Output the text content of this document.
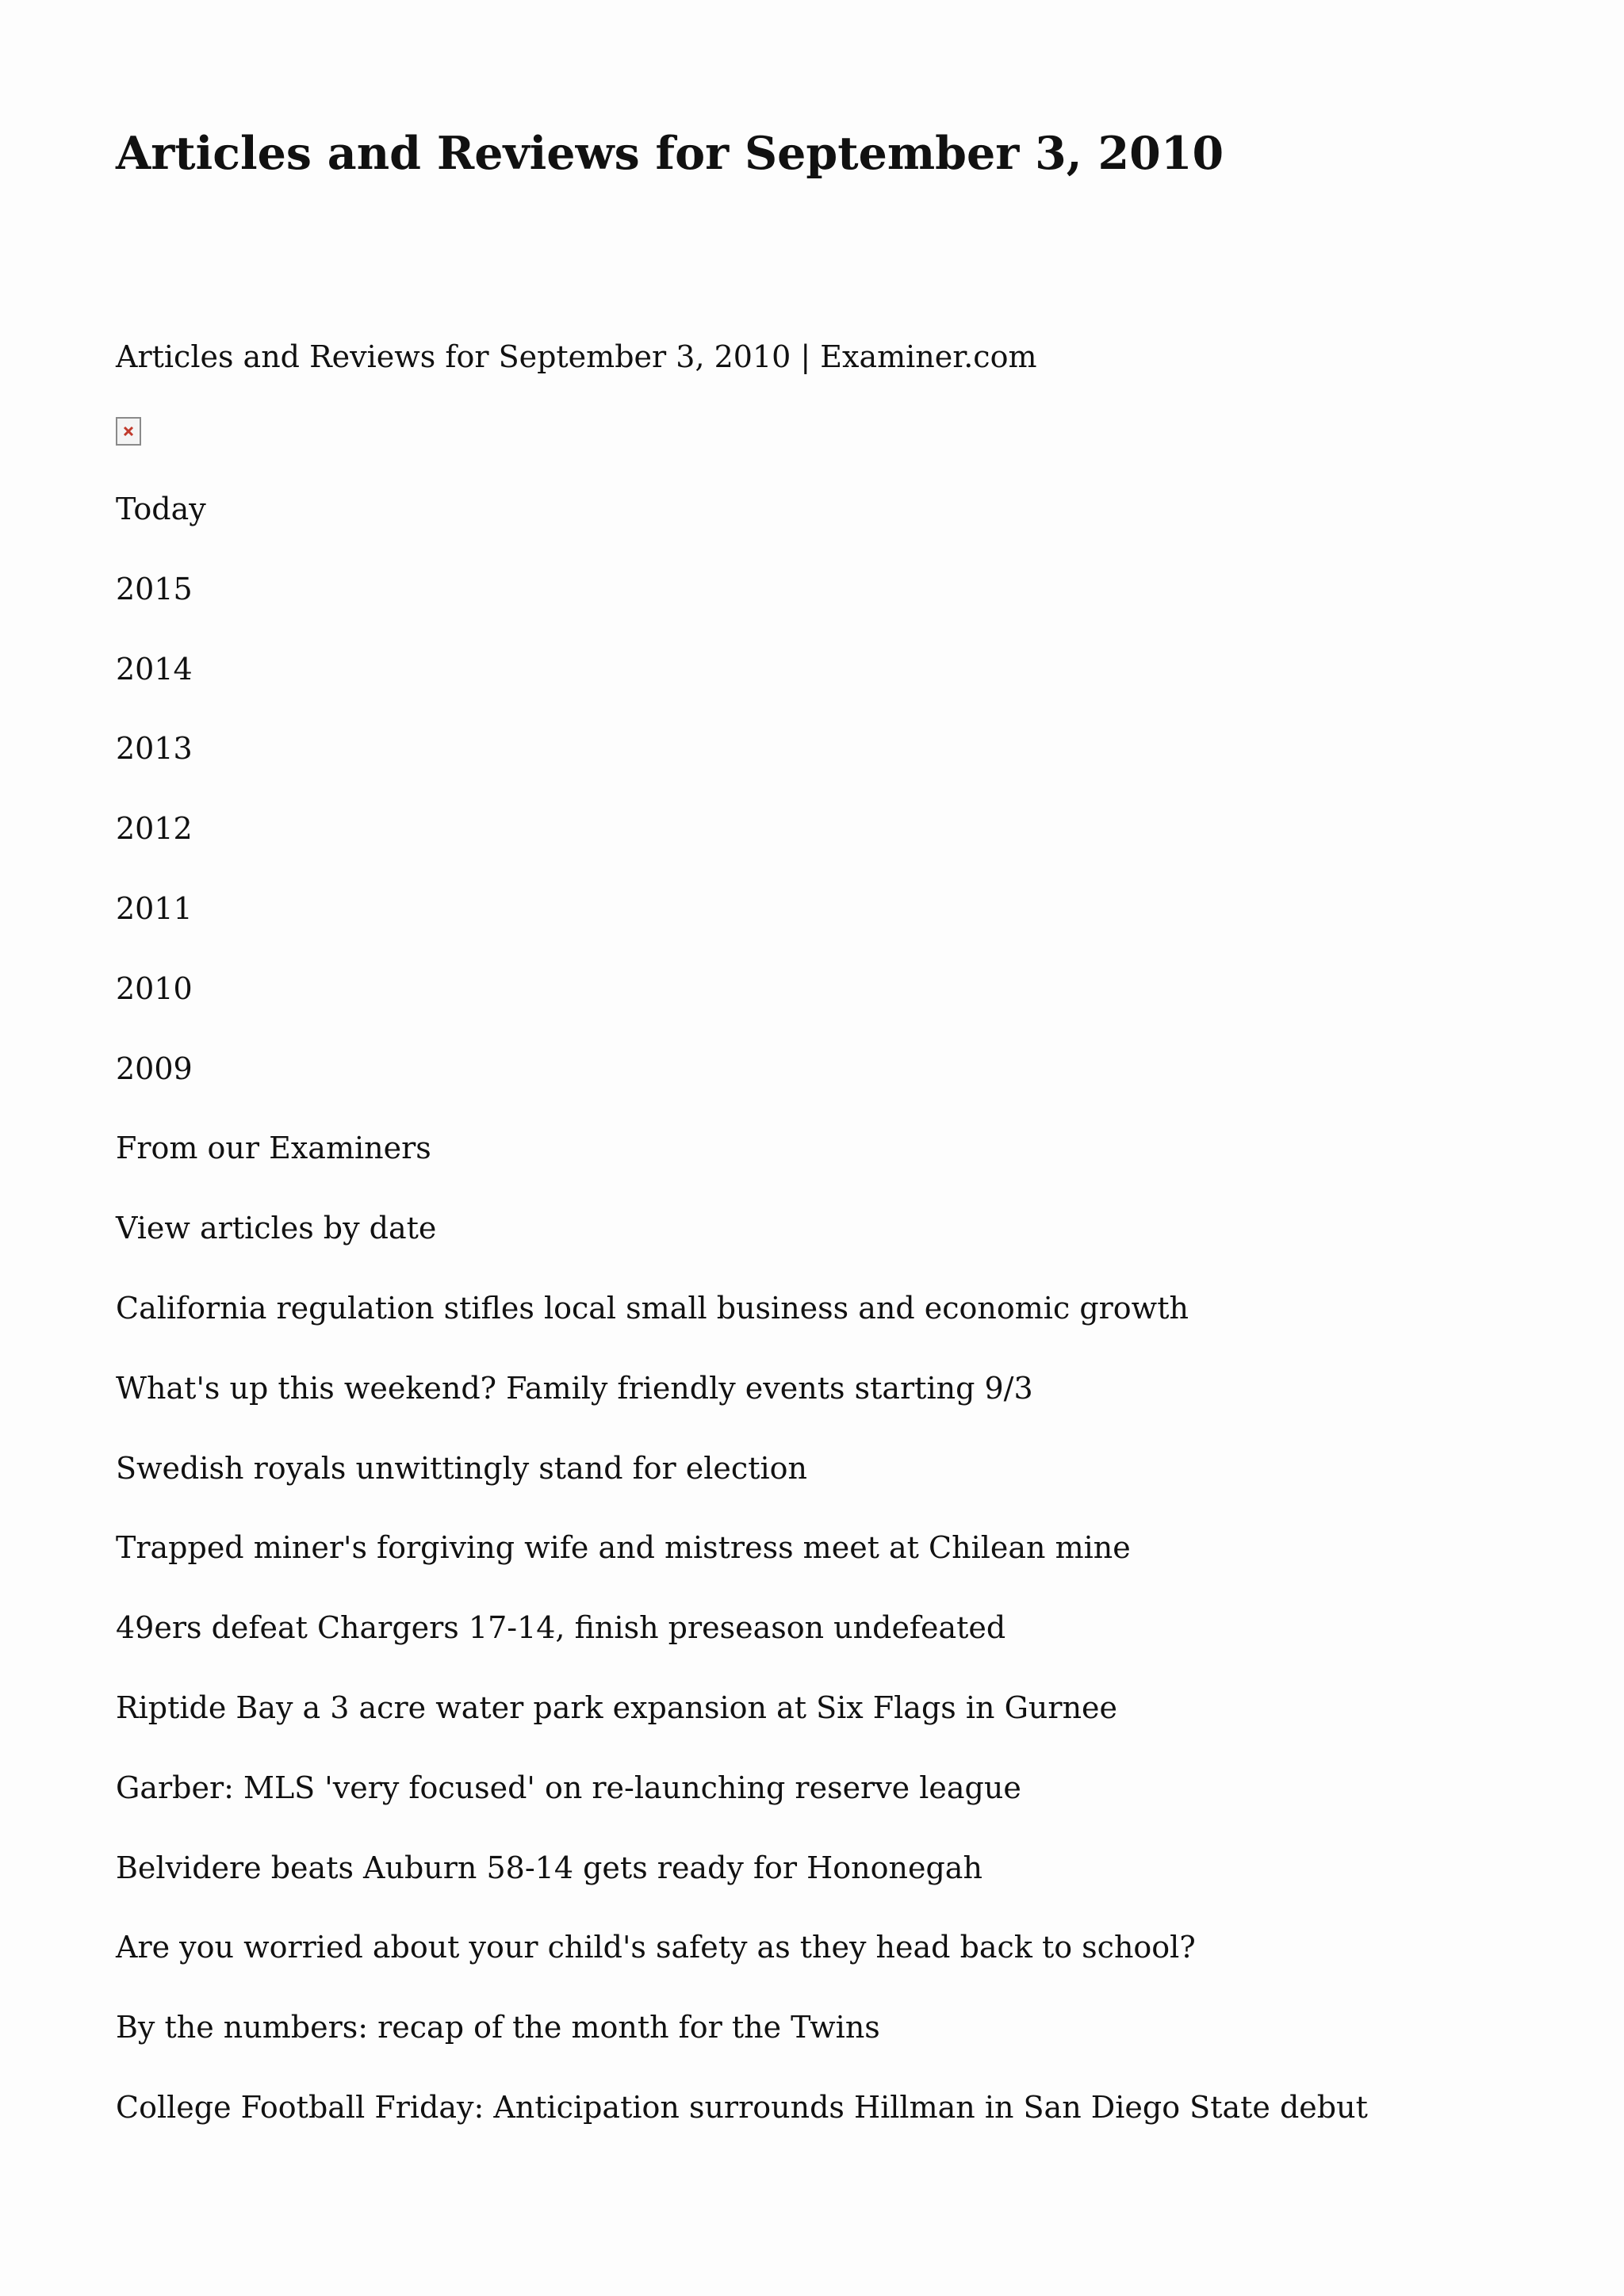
Articles and Reviews for September 3, 2010
Articles and Reviews for September 3, 2010 | Examiner.com
Today
2015
2014
2013
2012
2011
2010
2009
From our Examiners
View articles by date
California regulation stifles local small business and economic growth
What's up this weekend? Family friendly events starting 9/3
Swedish royals unwittingly stand for election
Trapped miner's forgiving wife and mistress meet at Chilean mine
49ers defeat Chargers 17-14, finish preseason undefeated
Riptide Bay a 3 acre water park expansion at Six Flags in Gurnee
Garber: MLS 'very focused' on re-launching reserve league
Belvidere beats Auburn 58-14 gets ready for Hononegah
Are you worried about your child's safety as they head back to school?
By the numbers: recap of the month for the Twins
College Football Friday: Anticipation surrounds Hillman in San Diego State debut
